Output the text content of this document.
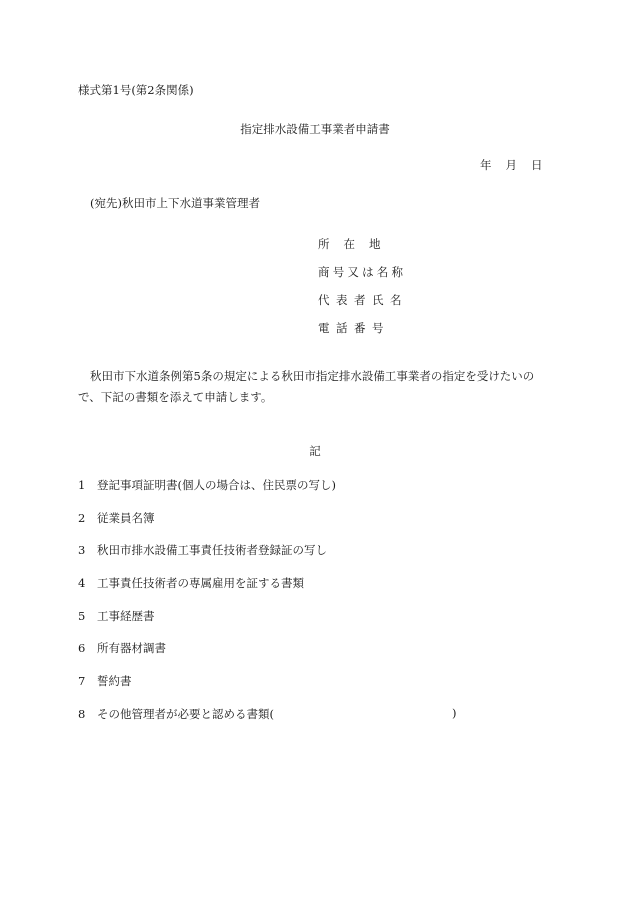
様式第1号(第2条関係)
指定排水設備工事業者申請書
年 月 日
(宛先)秋田市上下水道事業管理者
所在地
商号又は名称
代表者氏名
電話番号
秋田市下水道条例第5条の規定による秋田市指定排水設備工事業者の指定を受けたいので、下記の書類を添えて申請します。
記
1 登記事項証明書(個人の場合は、住民票の写し)
2 従業員名簿
3 秋田市排水設備工事責任技術者登録証の写し
4 工事責任技術者の専属雇用を証する書類
5 工事経歴書
6 所有器材調書
7 誓約書
8 その他管理者が必要と認める書類(	)
